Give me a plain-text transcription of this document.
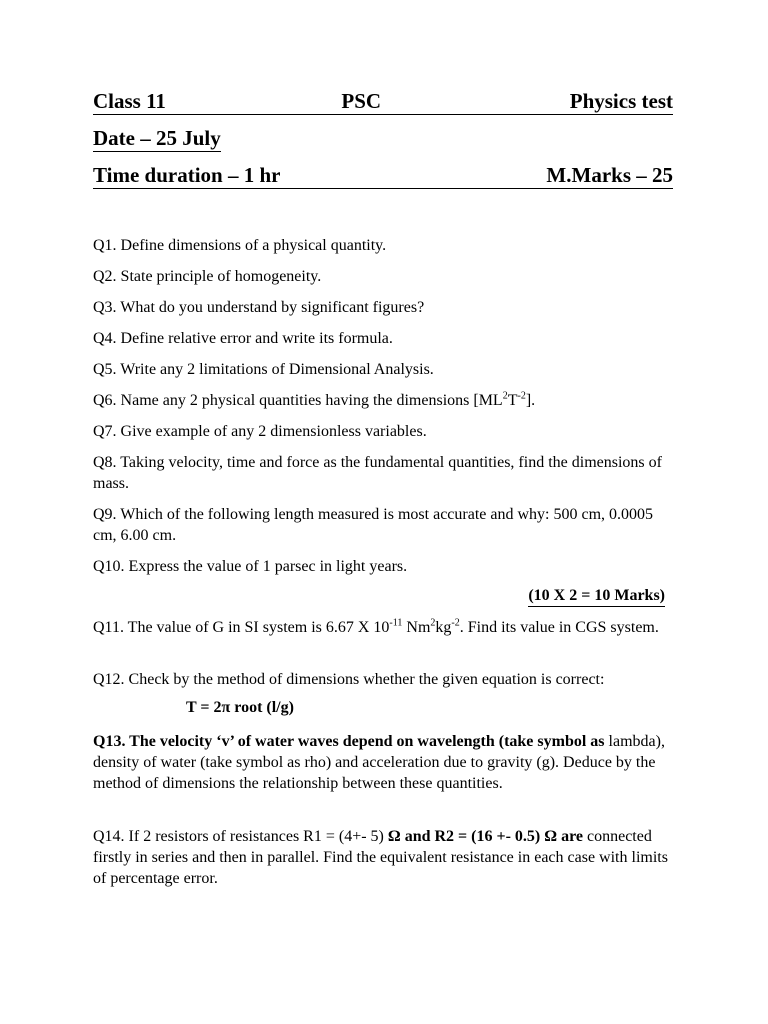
Class 11	PSC	Physics test
Date – 25 July
Time duration – 1 hr	M.Marks – 25
Q1. Define dimensions of a physical quantity.
Q2. State principle of homogeneity.
Q3. What do you understand by significant figures?
Q4. Define relative error and write its formula.
Q5. Write any 2 limitations of Dimensional Analysis.
Q6. Name any 2 physical quantities having the dimensions $[ML^2T^{-2}]$.
Q7. Give example of any 2 dimensionless variables.
Q8. Taking velocity, time and force as the fundamental quantities, find the dimensions of mass.
Q9. Which of the following length measured is most accurate and why: 500 cm, 0.0005 cm, 6.00 cm.
Q10. Express the value of 1 parsec in light years.
(10 X 2 = 10 Marks)
Q11. The value of G in SI system is 6.67 X $10^{-11}$ $Nm^2kg^{-2}$. Find its value in CGS system.
Q12. Check by the method of dimensions whether the given equation is correct:
T = 2π root (l/g)
Q13. The velocity ‘v’ of water waves depend on wavelength (take symbol as lambda), density of water (take symbol as rho) and acceleration due to gravity (g). Deduce by the method of dimensions the relationship between these quantities.
Q14. If 2 resistors of resistances R1 = (4+- 5) Ω and R2 = (16 +- 0.5) Ω are connected firstly in series and then in parallel. Find the equivalent resistance in each case with limits of percentage error.
